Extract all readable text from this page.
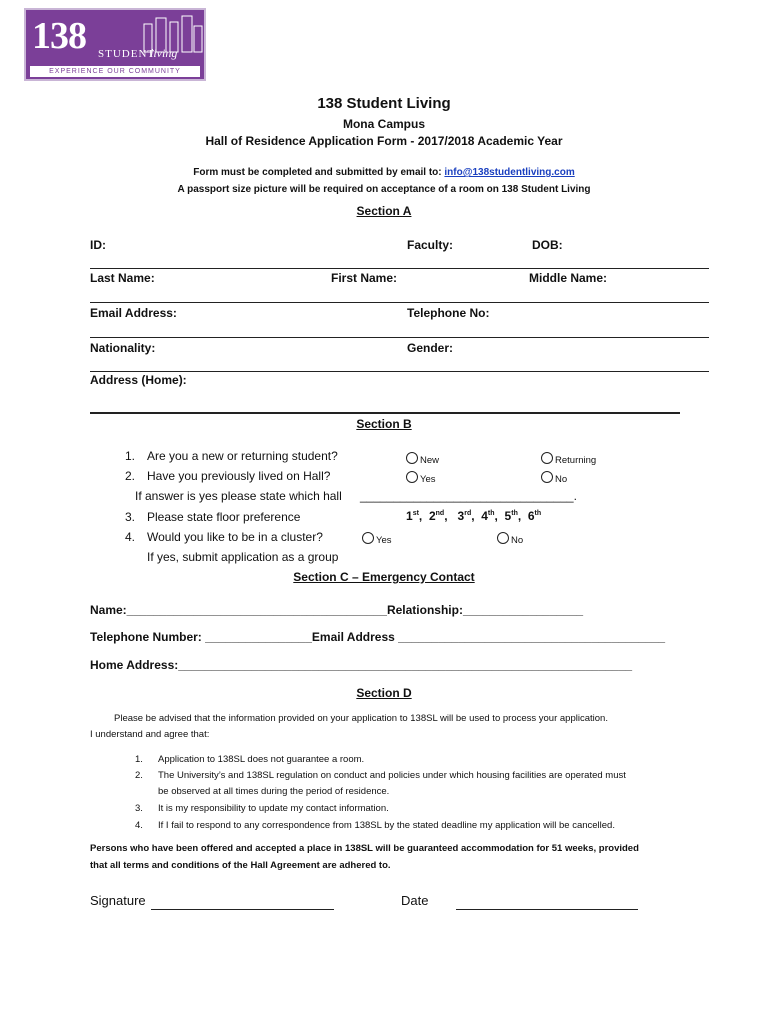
138 STUDENT
living
EXPERIENCE OUR COMMUNITY
138 Student Living
Mona Campus
Hall of Residence Application Form - 2017/2018 Academic Year
Form must be completed and submitted by email to: info@138studentliving.com
A passport size picture will be required on acceptance of a room on 138 Student Living
Section A
ID:	Faculty:	DOB:
Last Name:	First Name:	Middle Name:
Email Address:	Telephone No:
Nationality:	Gender:
Address (Home):
Section B
1. Are you a new or returning student?	New	Returning
2. Have you previously lived on Hall?	Yes	No
If answer is yes please state which hall ________________________________.
3. Please state floor preference	1st,  2nd,   3rd,  4th,  5th,  6th
4. Would you like to be in a cluster?	Yes	No
If yes, submit application as a group
Section C – Emergency Contact
Name:_______________________________________Relationship:__________________
Telephone Number: ________________Email Address ________________________________________
Home Address:____________________________________________________________________
Section D
Please be advised that the information provided on your application to 138SL will be used to process your application.
I understand and agree that:
1. Application to 138SL does not guarantee a room.
2. The University’s and 138SL regulation on conduct and policies under which housing facilities are operated must
be observed at all times during the period of residence.
3. It is my responsibility to update my contact information.
4. If I fail to respond to any correspondence from 138SL by the stated deadline my application will be cancelled.
Persons who have been offered and accepted a place in 138SL will be guaranteed accommodation for 51 weeks, provided
that all terms and conditions of the Hall Agreement are adhered to.
Signature	Date
